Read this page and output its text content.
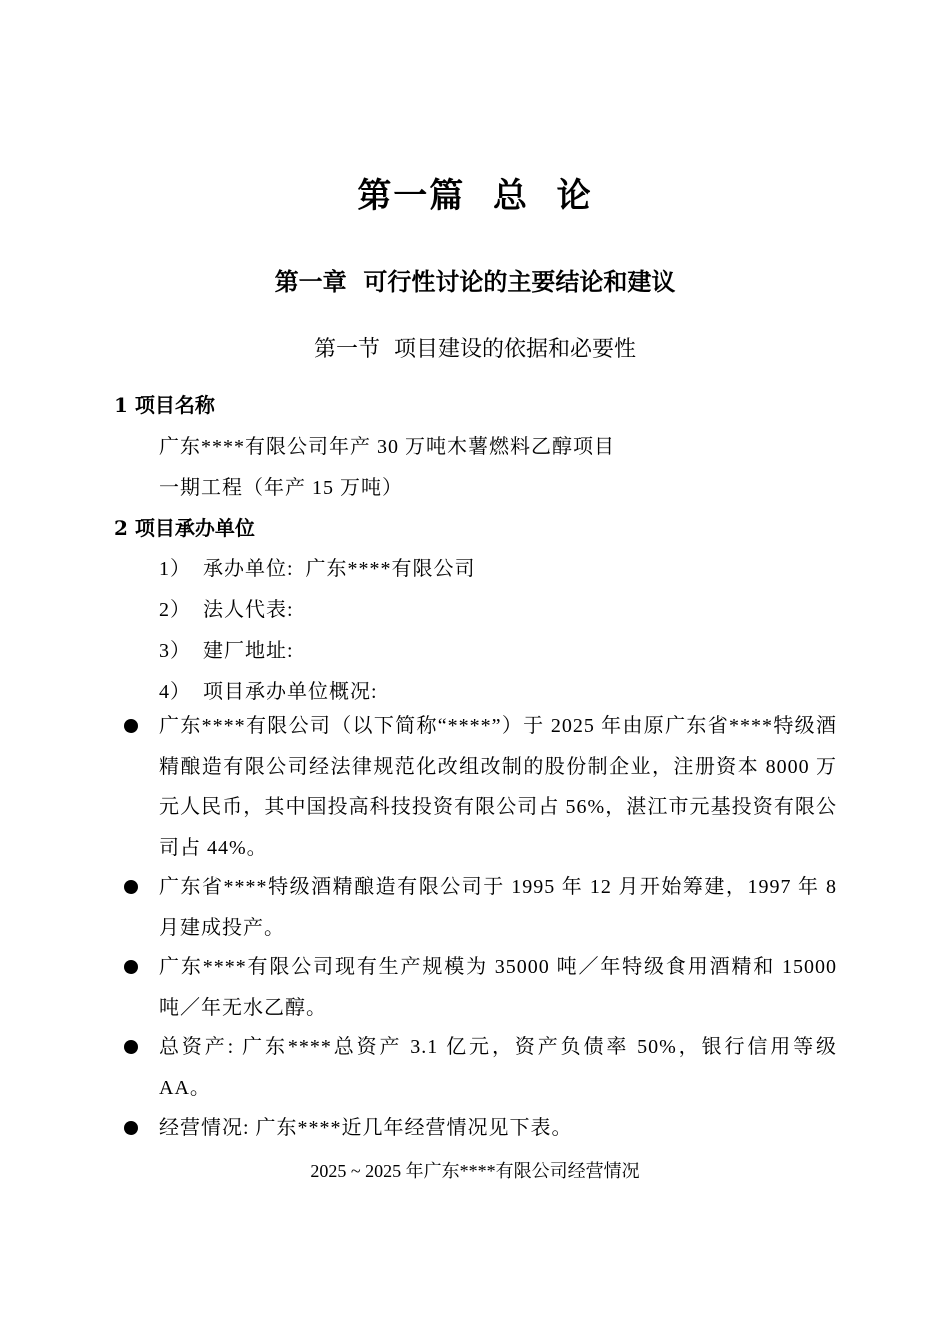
第一篇  总  论
第一章  可行性讨论的主要结论和建议
第一节  项目建设的依据和必要性
1 项目名称
广东****有限公司年产 30 万吨木薯燃料乙醇项目
一期工程（年产 15 万吨）
2 项目承办单位
1）  承办单位:  广东****有限公司
2）  法人代表:
3）  建厂地址:
4）  项目承办单位概况:
广东****有限公司（以下简称“****”）于 2025 年由原广东省****特级酒精酿造有限公司经法律规范化改组改制的股份制企业，注册资本 8000 万元人民币，其中国投高科技投资有限公司占 56%，湛江市元基投资有限公司占 44%。
广东省****特级酒精酿造有限公司于 1995 年 12 月开始筹建，1997 年 8 月建成投产。
广东****有限公司现有生产规模为 35000 吨／年特级食用酒精和 15000 吨／年无水乙醇。
总资产: 广东****总资产 3.1 亿元，资产负债率 50%，银行信用等级 AA。
经营情况: 广东****近几年经营情况见下表。
2025 ~ 2025 年广东****有限公司经营情况
